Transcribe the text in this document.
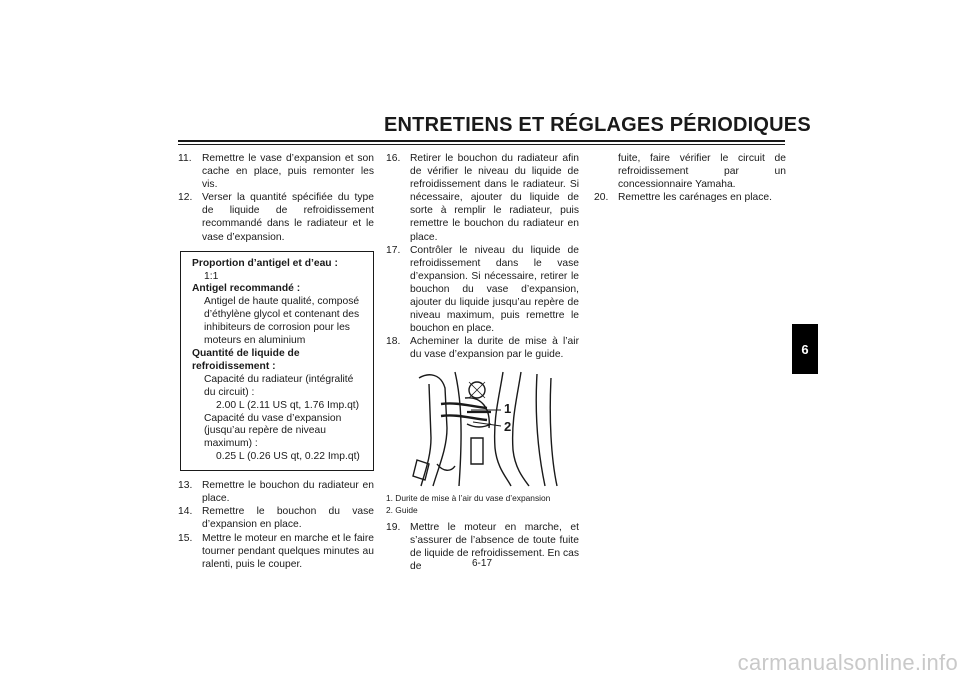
ENTRETIENS ET RÉGLAGES PÉRIODIQUES
6
11.	Remettre le vase d’expansion et son cache en place, puis remonter les vis.
12. Verser la quantité spécifiée du type de liquide de refroidissement recommandé dans le radiateur et le vase d’expansion.
Proportion d’antigel et d’eau :
1:1
Antigel recommandé :
Antigel de haute qualité, composé d’éthylène glycol et contenant des inhibiteurs de corrosion pour les moteurs en aluminium
Quantité de liquide de refroidissement :
Capacité du radiateur (intégralité du circuit) :
2.00 L (2.11 US qt, 1.76 Imp.qt)
Capacité du vase d’expansion (jusqu’au repère de niveau maximum) :
0.25 L (0.26 US qt, 0.22 Imp.qt)
13. Remettre le bouchon du radiateur en place.
14. Remettre le bouchon du vase d’expansion en place.
15. Mettre le moteur en marche et le faire tourner pendant quelques minutes au ralenti, puis le couper.
16. Retirer le bouchon du radiateur afin de vérifier le niveau du liquide de refroidissement dans le radiateur. Si nécessaire, ajouter du liquide de sorte à remplir le radiateur, puis remettre le bouchon du radiateur en place.
17. Contrôler le niveau du liquide de refroidissement dans le vase d’expansion. Si nécessaire, retirer le bouchon du vase d’expansion, ajouter du liquide jusqu’au repère de niveau maximum, puis remettre le bouchon en place.
18. Acheminer la durite de mise à l’air du vase d’expansion par le guide.
1
2
1. Durite de mise à l’air du vase d’expansion
2. Guide
19. Mettre le moteur en marche, et s’assurer de l’absence de toute fuite de liquide de refroidissement. En cas de
fuite, faire vérifier le circuit de refroidissement par un concessionnaire Yamaha.
20. Remettre les carénages en place.
6-17
carmanualsonline.info
